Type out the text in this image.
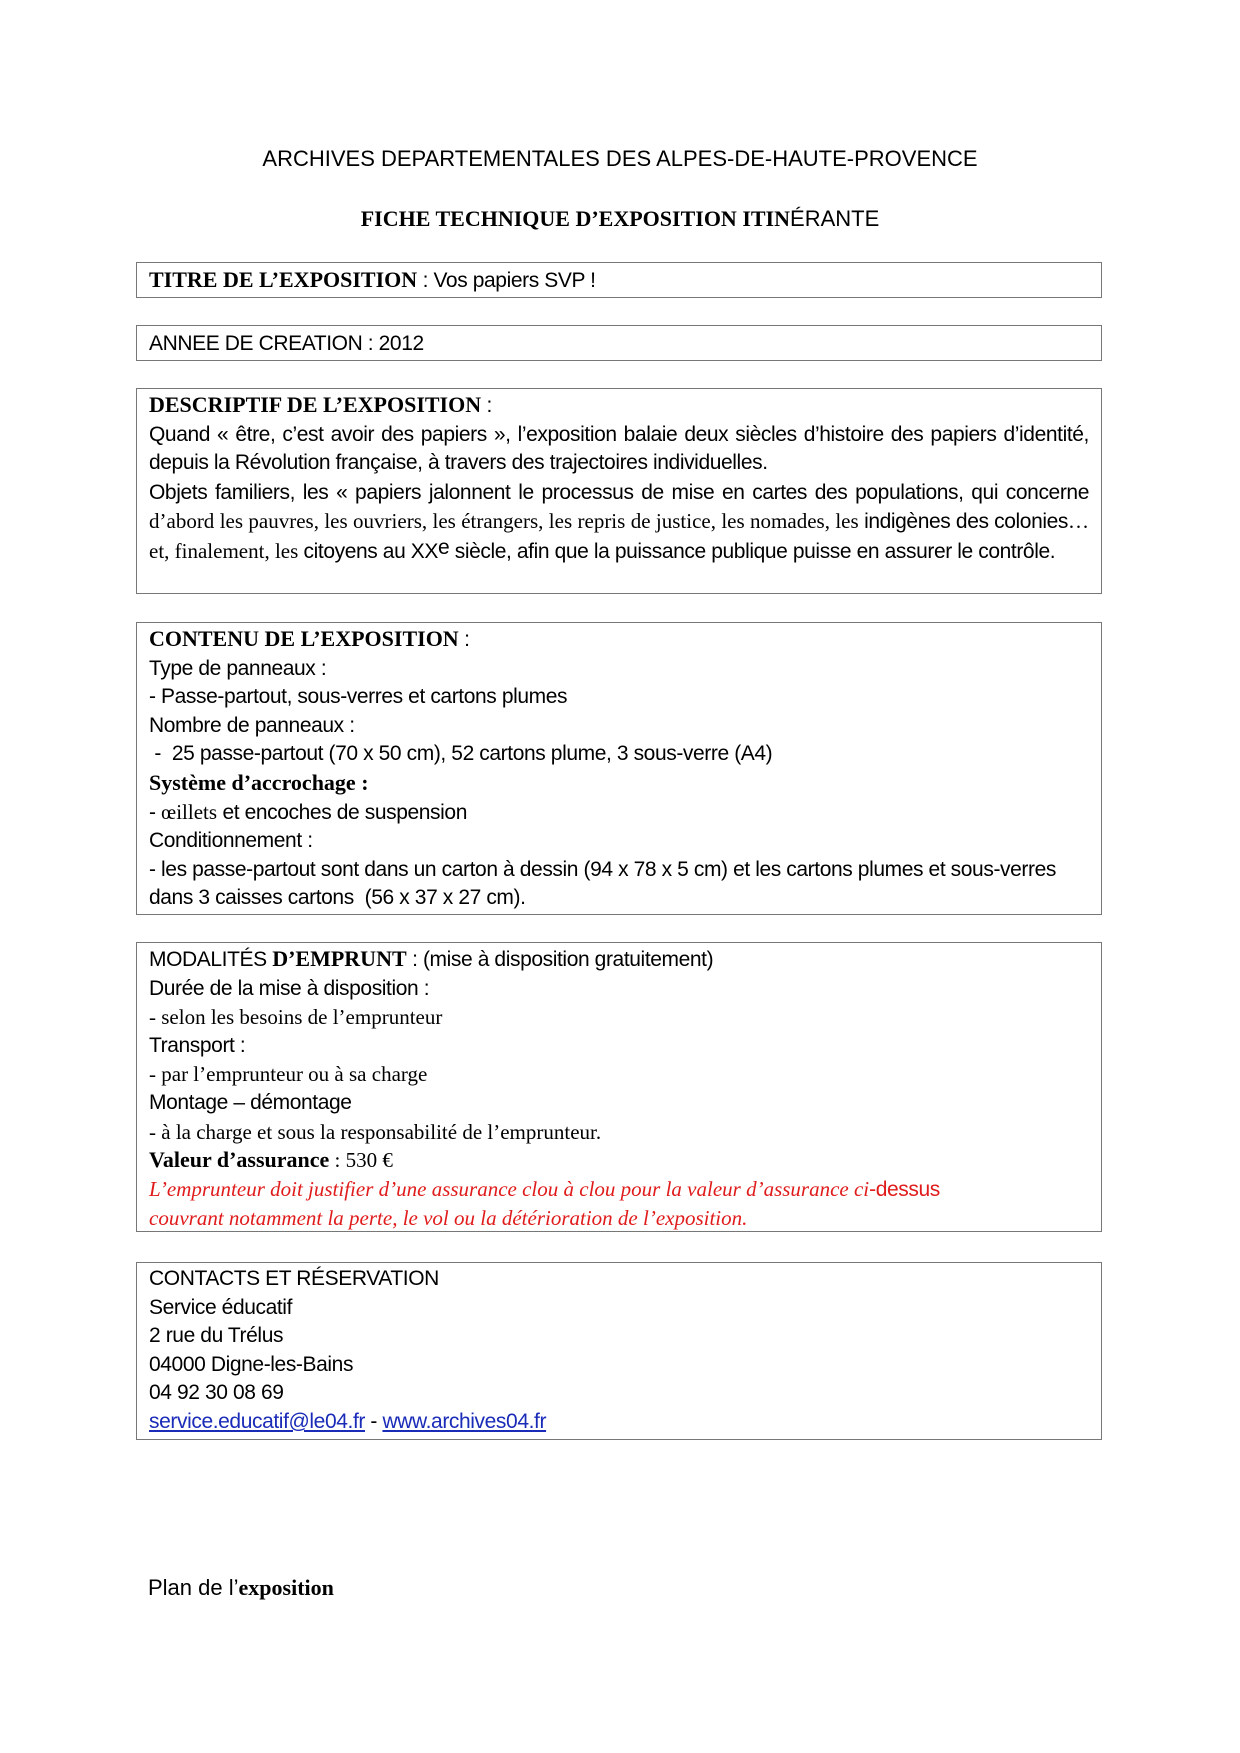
ARCHIVES DEPARTEMENTALES DES ALPES-DE-HAUTE-PROVENCE
FICHE TECHNIQUE D’EXPOSITION ITINÉRANTE
TITRE DE L’EXPOSITION : Vos papiers SVP !
ANNEE DE CREATION : 2012
DESCRIPTIF DE L’EXPOSITION :
Quand « être, c’est avoir des papiers », l’exposition balaie deux siècles d’histoire des papiers d’identité, depuis la Révolution française, à travers des trajectoires individuelles.
Objets familiers, les « papiers jalonnent le processus de mise en cartes des populations, qui concerne d’abord les pauvres, les ouvriers, les étrangers, les repris de justice, les nomades, les indigènes des colonies… et, finalement, les citoyens au XXe siècle, afin que la puissance publique puisse en assurer le contrôle.
CONTENU DE L’EXPOSITION :
Type de panneaux :
- Passe-partout, sous-verres et cartons plumes
Nombre de panneaux :
-  25 passe-partout (70 x 50 cm), 52 cartons plume, 3 sous-verre (A4)
Système d’accrochage :
- œillets et encoches de suspension
Conditionnement :
- les passe-partout sont dans un carton à dessin (94 x 78 x 5 cm) et les cartons plumes et sous-verres dans 3 caisses cartons  (56 x 37 x 27 cm).
MODALITÉS D’EMPRUNT : (mise à disposition gratuitement)
Durée de la mise à disposition :
- selon les besoins de l’emprunteur
Transport :
- par l’emprunteur ou à sa charge
Montage – démontage
- à la charge et sous la responsabilité de l’emprunteur.
Valeur d’assurance : 530 €
L’emprunteur doit justifier d’une assurance clou à clou pour la valeur d’assurance ci-dessus
couvrant notamment la perte, le vol ou la détérioration de l’exposition.
CONTACTS ET RÉSERVATION
Service éducatif
2 rue du Trélus
04000 Digne-les-Bains
04 92 30 08 69
service.educatif@le04.fr - www.archives04.fr
Plan de l’exposition
